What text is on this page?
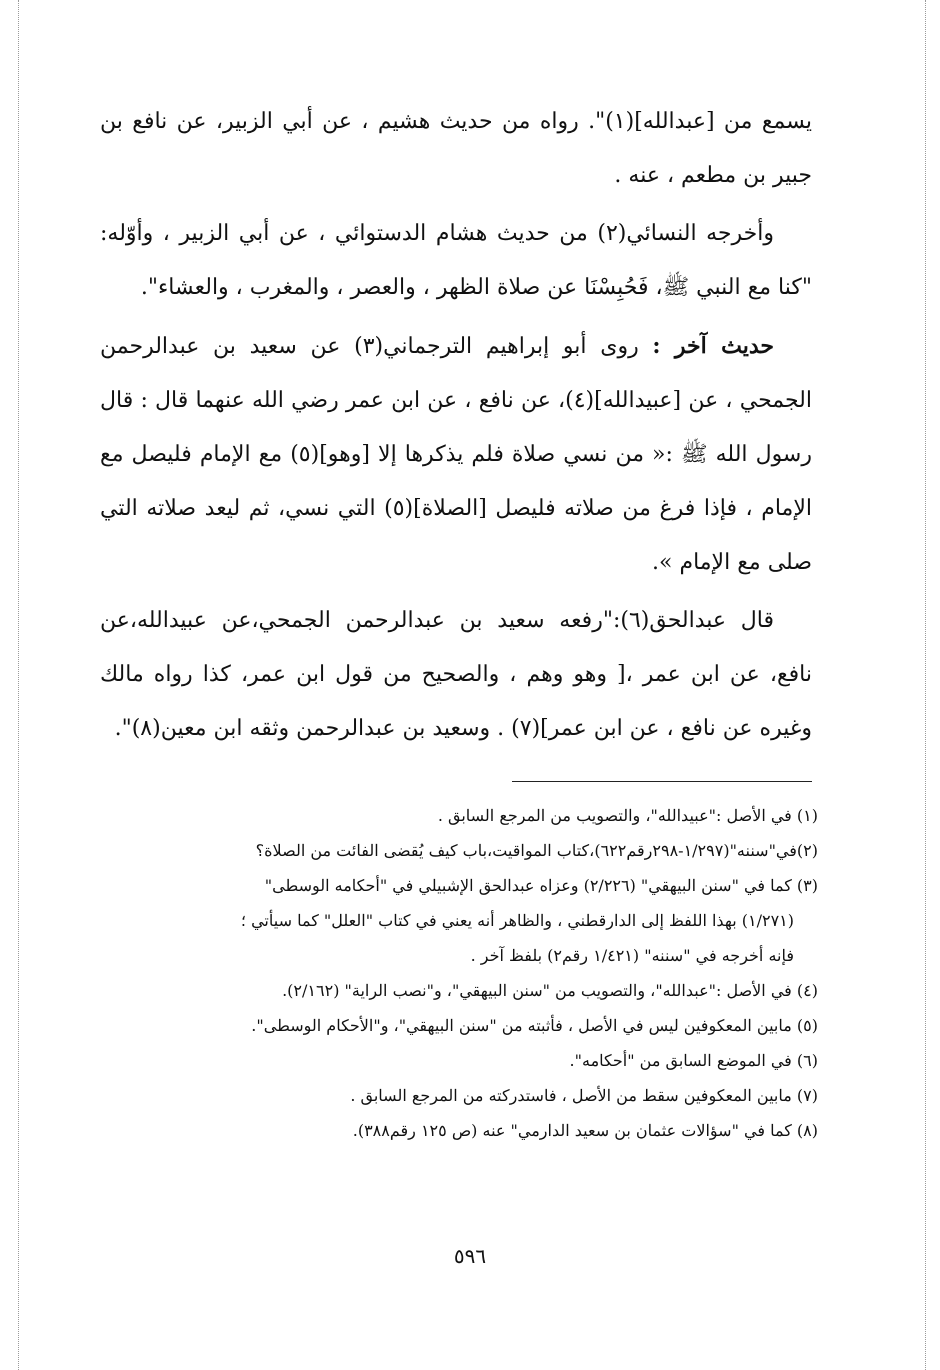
يسمع من [عبدالله](١)". رواه من حديث هشيم ، عن أبي الزبير، عن نافع بن جبير بن مطعم ، عنه .

وأخرجه النسائي(٢) من حديث هشام الدستوائي ، عن أبي الزبير ، وأوّله: "كنا مع النبي ﷺ، فَحُبِسْنَا عن صلاة الظهر ، والعصر ، والمغرب ، والعشاء".

حديث آخر : روى أبو إبراهيم الترجماني(٣) عن سعيد بن عبدالرحمن الجمحي ، عن [عبيدالله](٤)، عن نافع ، عن ابن عمر رضي الله عنهما قال : قال رسول الله ﷺ :« من نسي صلاة فلم يذكرها إلا [وهو](٥) مع الإمام فليصل مع الإمام ، فإذا فرغ من صلاته فليصل [الصلاة](٥) التي نسي، ثم ليعد صلاته التي صلى مع الإمام ».

قال عبدالحق(٦):"رفعه سعيد بن عبدالرحمن الجمحي،عن عبيدالله،عن نافع، عن ابن عمر ،[ وهو وهم ، والصحيح من قول ابن عمر، كذا رواه مالك وغيره عن نافع ، عن ابن عمر](٧) . وسعيد بن عبدالرحمن وثقه ابن معين(٨)".

(١) في الأصل :"عبيدالله"، والتصويب من المرجع السابق .

(٢)في"سننه"(١/٢٩٧-٢٩٨رقم٦٢٢)،كتاب المواقيت،باب كيف يُقضى الفائت من الصلاة؟

(٣) كما في "سنن البيهقي" (٢/٢٢٦) وعزاه عبدالحق الإشبيلي في "أحكامه الوسطى"

(١/٢٧١) بهذا اللفظ إلى الدارقطني ، والظاهر أنه يعني في كتاب "العلل" كما سيأتي ؛

فإنه أخرجه في "سننه" (١/٤٢١ رقم٢) بلفظ آخر .

(٤) في الأصل :"عبدالله"، والتصويب من "سنن البيهقي"، و"نصب الراية" (٢/١٦٢).

(٥) مابين المعكوفين ليس في الأصل ، فأثبته من "سنن البيهقي"، و"الأحكام الوسطى".

(٦) في الموضع السابق من "أحكامه".

(٧) مابين المعكوفين سقط من الأصل ، فاستدركته من المرجع السابق .

(٨) كما في "سؤالات عثمان بن سعيد الدارمي" عنه (ص ١٢٥ رقم٣٨٨).

٥٩٦
